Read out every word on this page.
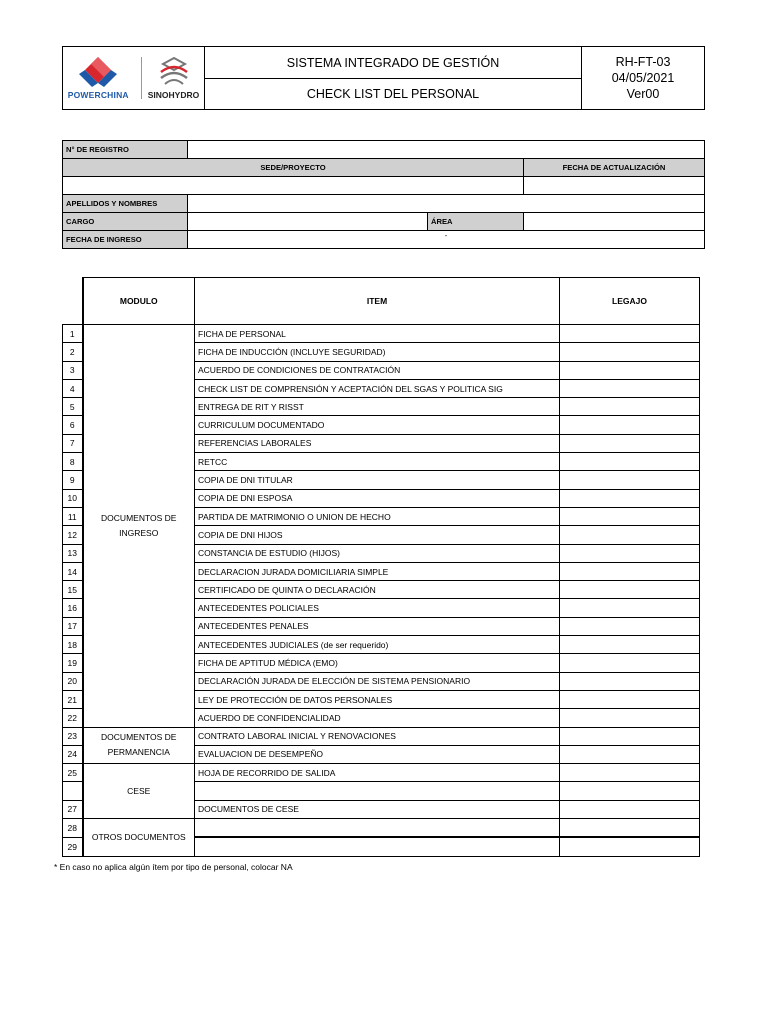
POWERCHINA SINOHYDRO
	SISTEMA INTEGRADO DE GESTIÓN	RH-FT-03
04/05/2021
Ver00

CHECK LIST DEL PERSONAL
N° DE REGISTRO			
SEDE/PROYECTO			FECHA DE ACTUALIZACIÓN

APELLIDOS Y NOMBRES			
CARGO		ÁREA	
FECHA DE INGRESO	-		
	MODULO	ITEM	LEGAJO
1	DOCUMENTOS DE INGRESO	FICHA DE PERSONAL	
2		FICHA DE INDUCCIÓN (INCLUYE SEGURIDAD)	
3		ACUERDO DE CONDICIONES DE CONTRATACIÓN	
4		CHECK LIST DE COMPRENSIÓN Y ACEPTACIÓN DEL SGAS Y POLITICA SIG	
5		ENTREGA DE RIT Y RISST	
6		CURRICULUM DOCUMENTADO	
7		REFERENCIAS LABORALES	
8		RETCC	
9		COPIA DE DNI TITULAR	
10		COPIA DE DNI ESPOSA	
11		PARTIDA DE MATRIMONIO O UNION DE HECHO	
12		COPIA DE DNI HIJOS	
13		CONSTANCIA DE ESTUDIO (HIJOS)	
14		DECLARACION JURADA DOMICILIARIA SIMPLE	
15		CERTIFICADO DE QUINTA O DECLARACIÓN	
16		ANTECEDENTES POLICIALES	
17		ANTECEDENTES PENALES	
18		ANTECEDENTES JUDICIALES (de ser requerido)	
19		FICHA DE APTITUD MÉDICA (EMO)	
20		DECLARACIÓN JURADA DE ELECCIÓN DE SISTEMA PENSIONARIO	
21		LEY DE PROTECCIÓN DE DATOS PERSONALES	
22		ACUERDO DE CONFIDENCIALIDAD	
23	DOCUMENTOS DE PERMANENCIA	CONTRATO LABORAL INICIAL Y RENOVACIONES	
24		EVALUACION DE DESEMPEÑO	
25	CESE	HOJA DE RECORRIDO DE SALIDA	

27		DOCUMENTOS DE CESE	
28	OTROS DOCUMENTOS		
29			
* En caso no aplica algún ítem por tipo de personal, colocar NA
